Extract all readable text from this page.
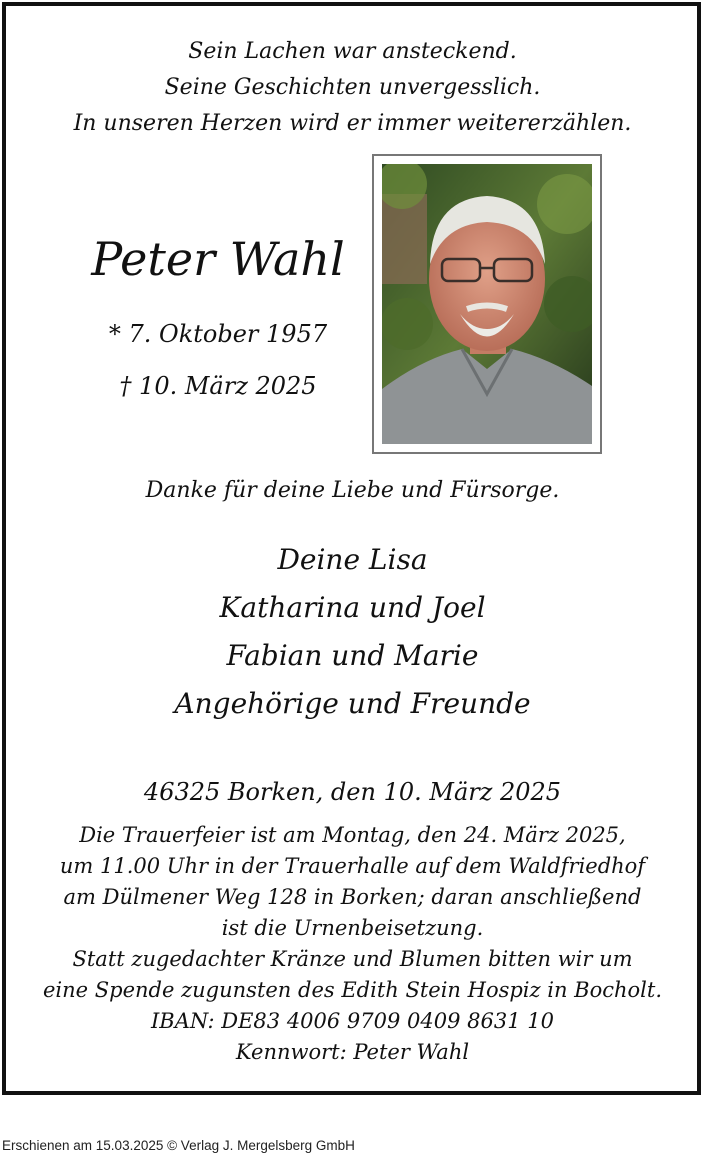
Sein Lachen war ansteckend.
Seine Geschichten unvergesslich.
In unseren Herzen wird er immer weitererzählen.
Peter Wahl
* 7. Oktober 1957
† 10. März 2025
Danke für deine Liebe und Fürsorge.
Deine Lisa
Katharina und Joel
Fabian und Marie
Angehörige und Freunde
46325 Borken, den 10. März 2025
Die Trauerfeier ist am Montag, den 24. März 2025,
um 11.00 Uhr in der Trauerhalle auf dem Waldfriedhof
am Dülmener Weg 128 in Borken; daran anschließend
ist die Urnenbeisetzung.
Statt zugedachter Kränze und Blumen bitten wir um
eine Spende zugunsten des Edith Stein Hospiz in Bocholt.
IBAN: DE83 4006 9709 0409 8631 10
Kennwort: Peter Wahl
Erschienen am 15.03.2025 © Verlag J. Mergelsberg GmbH
